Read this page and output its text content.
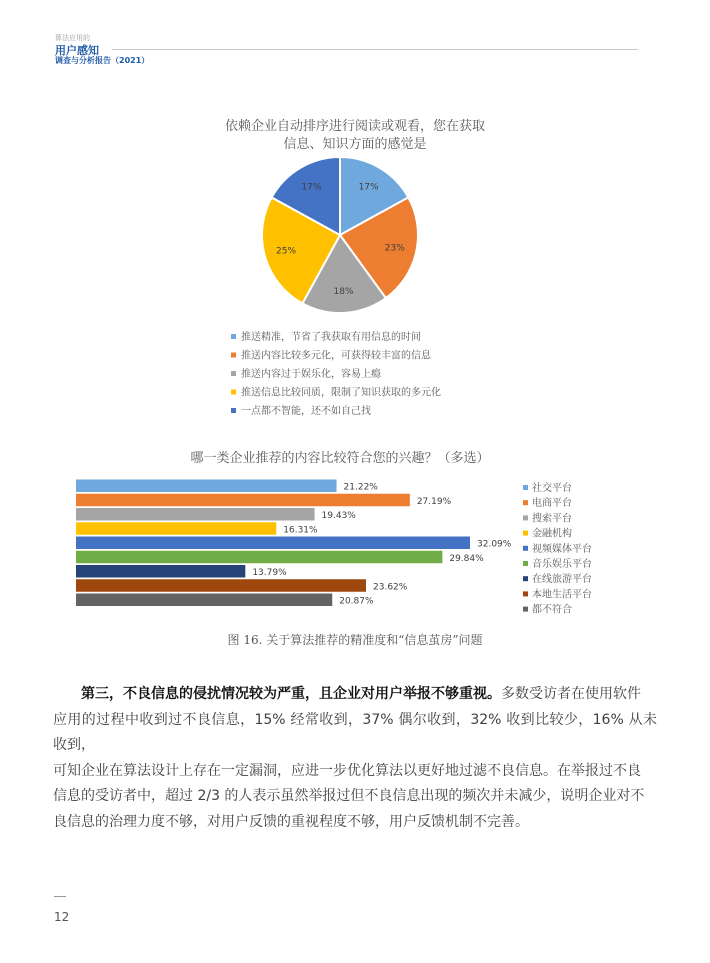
算法应用的
用户感知
调查与分析报告（2021）
依赖企业自动排序进行阅读或观看，您在获取
信息、知识方面的感觉是
哪一类企业推荐的内容比较符合您的兴趣？（多选）
17%
推送精准，节省了我获取有用信息的时间
23%
推送内容比较多元化，可获得较丰富的信息
18%
推送内容过于娱乐化，容易上瘾
25%
推送信息比较同质，限制了知识获取的多元化
17%
一点都不智能，还不如自己找
21.22%	社交平台
27.19%	电商平台
19.43%	搜索平台
16.31%	金融机构
32.09% 视频媒体平台
29.84%
音乐娱乐平台
13.79%
在线旅游平台
23.62%
本地生活平台
20.87%
都不符合
图 16. 关于算法推荐的精准度和“信息茧房”问题
第三，不良信息的侵扰情况较为严重，且企业对用户举报不够重视。多数受访者在使用软件
应用的过程中收到过不良信息，15% 经常收到，37% 偶尔收到，32% 收到比较少，16% 从未收到，
可知企业在算法设计上存在一定漏洞，应进一步优化算法以更好地过滤不良信息。在举报过不良
信息的受访者中，超过 2/3 的人表示虽然举报过但不良信息出现的频次并未减少，说明企业对不
良信息的治理力度不够，对用户反馈的重视程度不够，用户反馈机制不完善。
12
